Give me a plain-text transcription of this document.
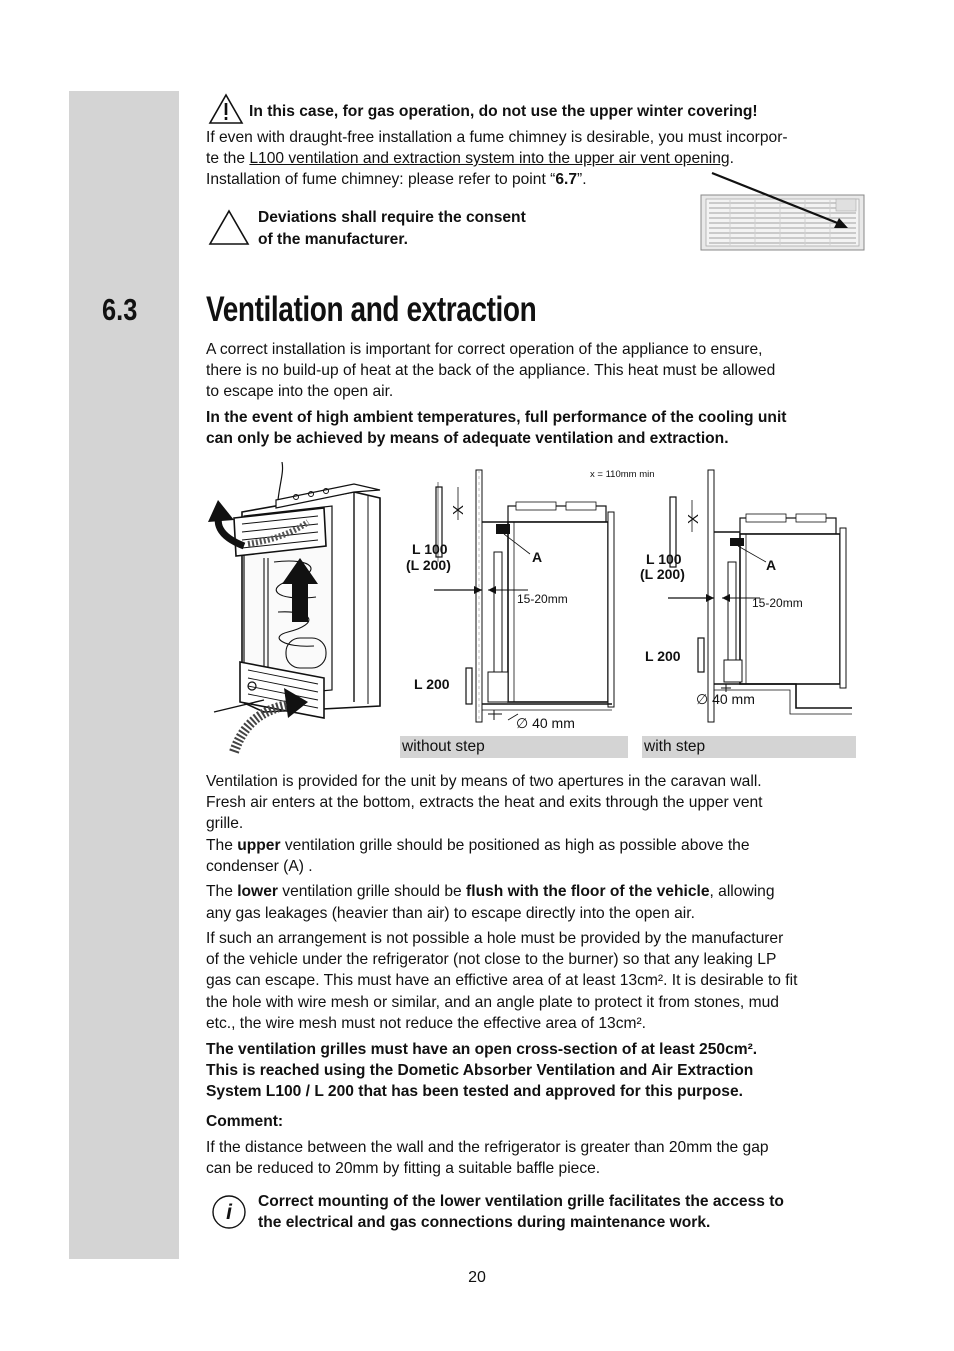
In this case, for gas operation, do not use the upper winter covering!
If even with draught-free installation a fume chimney is desirable, you must incorpor-
te the L100 ventilation and extraction system into the upper air vent opening.
Installation of fume chimney: please refer to point “6.7”.
Deviations shall require the consent
of the manufacturer.
6.3 Ventilation and extraction
A correct installation is important for correct operation of the appliance to ensure,
there is no build-up of heat at the back of the appliance. This heat must be allowed
to escape into the open air.
In the event of high ambient temperatures, full performance of the cooling unit
can only be achieved by means of adequate ventilation and extraction.
X
x = 110mm min
L 100
(L 200)	A
15-20mm
L 200
∅ 40 mm
X
L 100
(L 200)
A
15-20mm
L 200
∅ 40 mm
without step	with step
Ventilation is provided for the unit by means of two apertures in the caravan wall.
Fresh air enters at the bottom, extracts the heat and exits through the upper vent
grille.
The upper ventilation grille should be positioned as high as possible above the
condenser (A) .
The lower ventilation grille should be flush with the floor of the vehicle, allowing
any gas leakages (heavier than air) to escape directly into the open air.
If such an arrangement is not possible a hole must be provided by the manufacturer
of the vehicle under the refrigerator (not close to the burner) so that any leaking LP
gas can escape. This must have an effictive area of at least 13cm². It is desirable to fit
the hole with wire mesh or similar, and an angle plate to protect it from stones, mud
etc., the wire mesh must not reduce the effective area of 13cm².
The ventilation grilles must have an open cross-section of at least 250cm².
This is reached using the Dometic Absorber Ventilation and Air Extraction
System L100 / L 200 that has been tested and approved for this purpose.
Comment:
If the distance between the wall and the refrigerator is greater than 20mm the gap
can be reduced to 20mm by fitting a suitable baffle piece.
i Correct mounting of the lower ventilation grille facilitates the access to
the electrical and gas connections during maintenance work.
20
